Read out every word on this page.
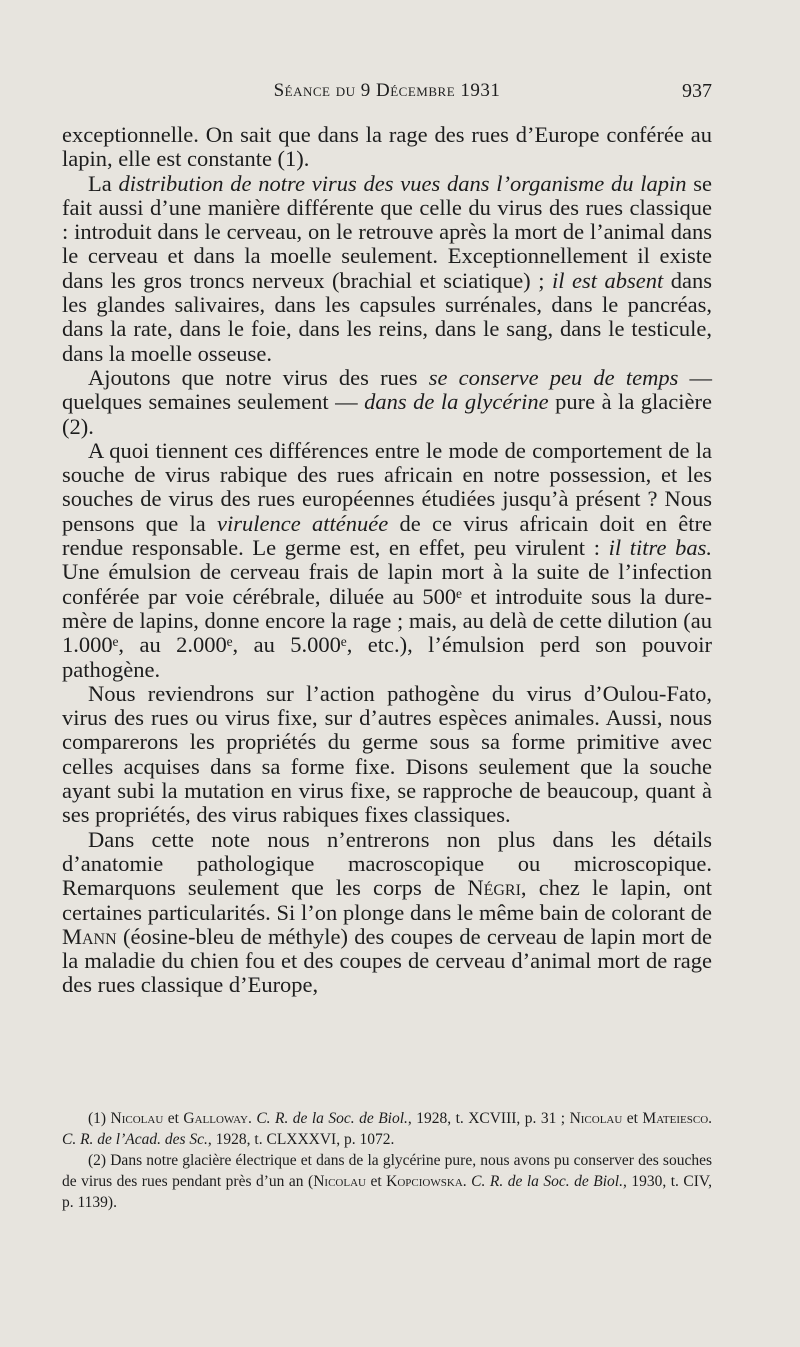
Séance du 9 Décembre 1931	937

exceptionnelle. On sait que dans la rage des rues d’Europe conférée au lapin, elle est constante (1).

La distribution de notre virus des vues dans l’organisme du lapin se fait aussi d’une manière différente que celle du virus des rues classique : introduit dans le cerveau, on le retrouve après la mort de l’animal dans le cerveau et dans la moelle seulement. Exceptionnellement il existe dans les gros troncs nerveux (brachial et sciatique) ; il est absent dans les glandes salivaires, dans les capsules surrénales, dans le pancréas, dans la rate, dans le foie, dans les reins, dans le sang, dans le testicule, dans la moelle osseuse.

Ajoutons que notre virus des rues se conserve peu de temps — quelques semaines seulement — dans de la glycérine pure à la glacière (2).

A quoi tiennent ces différences entre le mode de comportement de la souche de virus rabique des rues africain en notre possession, et les souches de virus des rues européennes étudiées jusqu’à présent ? Nous pensons que la virulence atténuée de ce virus africain doit en être rendue responsable. Le germe est, en effet, peu virulent : il titre bas. Une émulsion de cerveau frais de lapin mort à la suite de l’infection conférée par voie cérébrale, diluée au 500ᵉ et introduite sous la dure-mère de lapins, donne encore la rage ; mais, au delà de cette dilution (au 1.000ᵉ, au 2.000ᵉ, au 5.000ᵉ, etc.), l’émulsion perd son pouvoir pathogène.

Nous reviendrons sur l’action pathogène du virus d’Oulou-Fato, virus des rues ou virus fixe, sur d’autres espèces animales. Aussi, nous comparerons les propriétés du germe sous sa forme primitive avec celles acquises dans sa forme fixe. Disons seulement que la souche ayant subi la mutation en virus fixe, se rapproche de beaucoup, quant à ses propriétés, des virus rabiques fixes classiques.

Dans cette note nous n’entrerons non plus dans les détails d’anatomie pathologique macroscopique ou microscopique. Remarquons seulement que les corps de Négri, chez le lapin, ont certaines particularités. Si l’on plonge dans le même bain de colorant de Mann (éosine-bleu de méthyle) des coupes de cerveau de lapin mort de la maladie du chien fou et des coupes de cerveau d’animal mort de rage des rues classique d’Europe,

(1) Nicolau et Galloway. C. R. de la Soc. de Biol., 1928, t. XCVIII, p. 31 ; Nicolau et Mateiesco. C. R. de l’Acad. des Sc., 1928, t. CLXXXVI, p. 1072.

(2) Dans notre glacière électrique et dans de la glycérine pure, nous avons pu conserver des souches de virus des rues pendant près d’un an (Nicolau et Kopciowska. C. R. de la Soc. de Biol., 1930, t. CIV, p. 1139).
